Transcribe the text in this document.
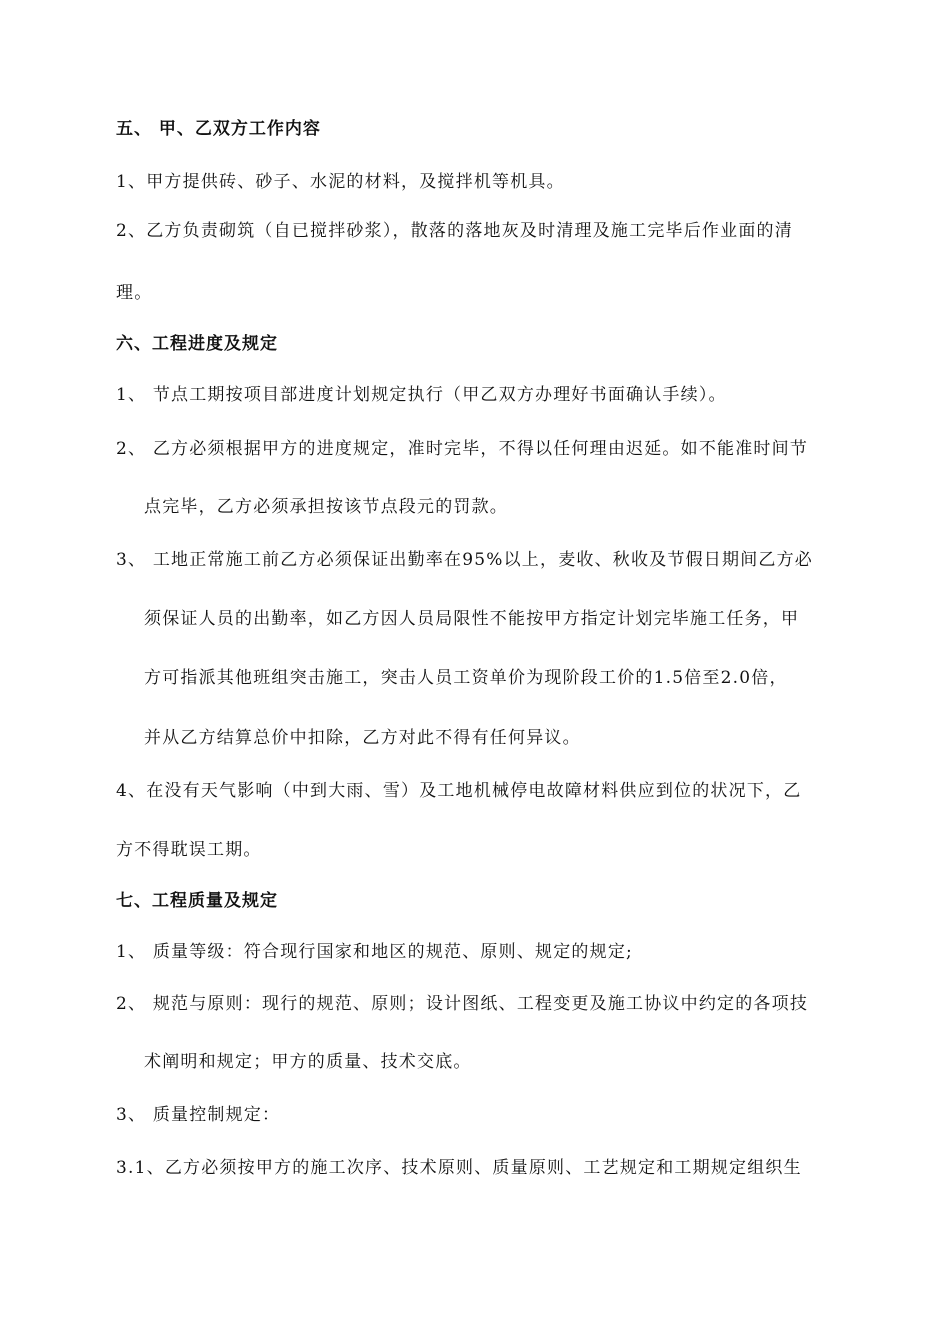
五、 甲、乙双方工作内容
1、甲方提供砖、砂子、水泥的材料，及搅拌机等机具。
2、乙方负责砌筑（自已搅拌砂浆），散落的落地灰及时清理及施工完毕后作业面的清
理。
六、工程进度及规定
1、 节点工期按项目部进度计划规定执行（甲乙双方办理好书面确认手续）。
2、 乙方必须根据甲方的进度规定，准时完毕，不得以任何理由迟延。如不能准时间节
点完毕，乙方必须承担按该节点段元的罚款。
3、 工地正常施工前乙方必须保证出勤率在95%以上，麦收、秋收及节假日期间乙方必
须保证人员的出勤率，如乙方因人员局限性不能按甲方指定计划完毕施工任务，甲
方可指派其他班组突击施工，突击人员工资单价为现阶段工价的1.5倍至2.0倍，
并从乙方结算总价中扣除，乙方对此不得有任何异议。
4、在没有天气影响（中到大雨、雪）及工地机械停电故障材料供应到位的状况下，乙
方不得耽误工期。
七、工程质量及规定
1、 质量等级：符合现行国家和地区的规范、原则、规定的规定;
2、 规范与原则：现行的规范、原则；设计图纸、工程变更及施工协议中约定的各项技
术阐明和规定；甲方的质量、技术交底。
3、 质量控制规定：
3.1、乙方必须按甲方的施工次序、技术原则、质量原则、工艺规定和工期规定组织生
